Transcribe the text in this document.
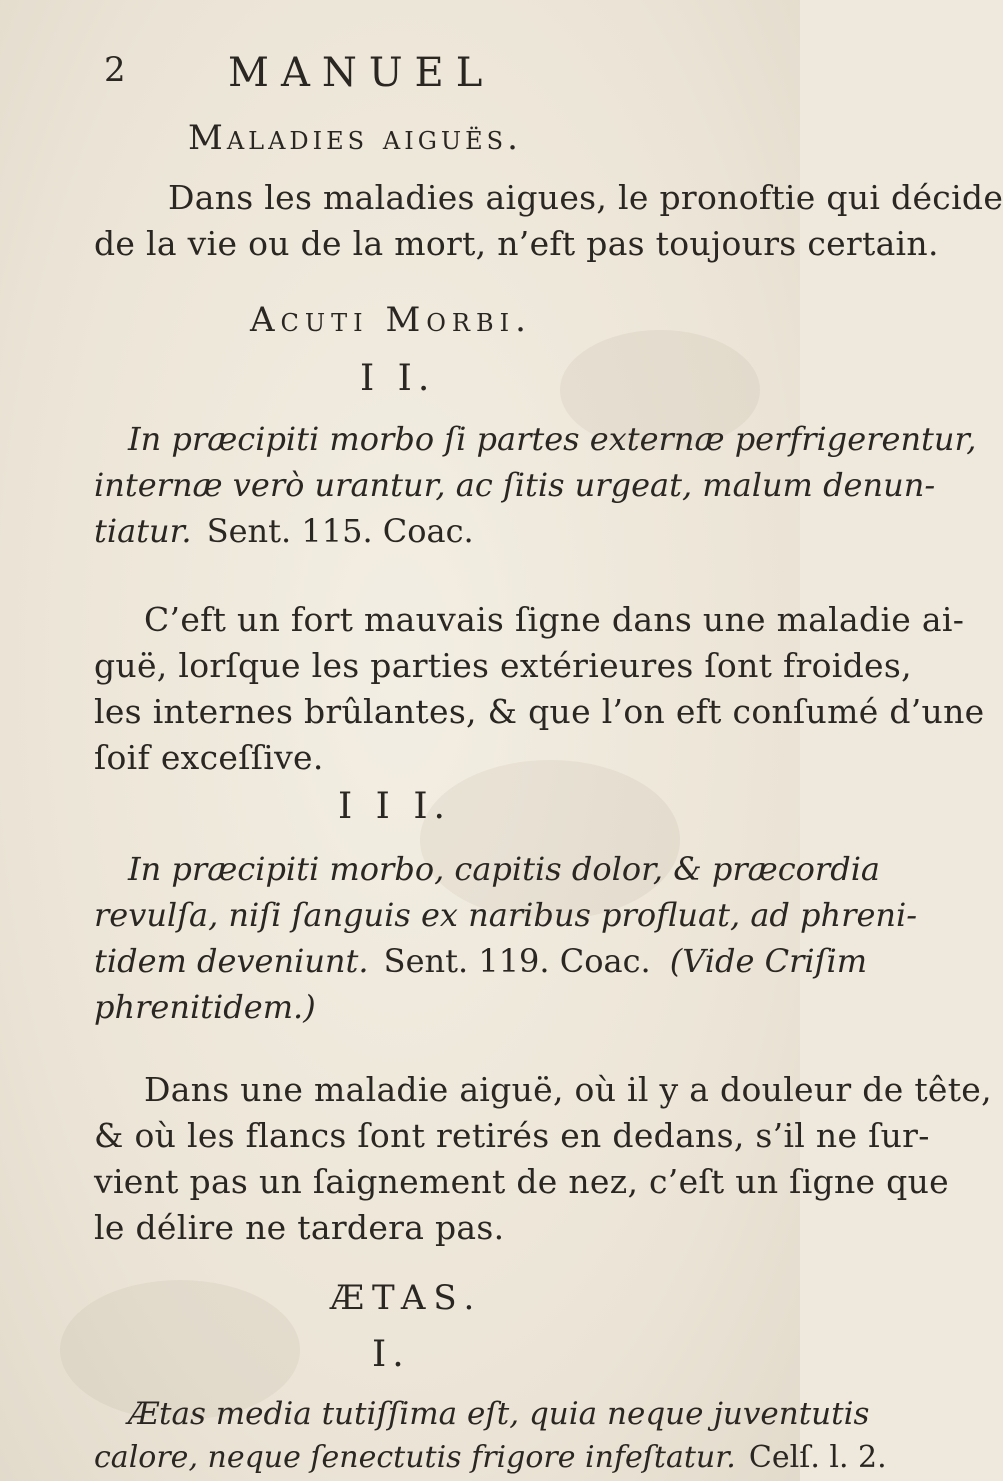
2	MANUEL
Maladies aiguës.
Dans les maladies aigues, le pronoftie qui décide
de la vie ou de la mort, n’eft pas toujours certain.
Acuti Morbi.
I I.
In præcipiti morbo ſi partes externæ perfrigerentur,
internæ verò urantur, ac ſitis urgeat, malum denun-
tiatur. Sent. 115. Coac.
C’eft un fort mauvais ſigne dans une maladie ai-
guë, lorſque les parties extérieures ſont froides,
les internes brûlantes, & que l’on eft conſumé d’une
ſoif exceſſive.
I I I.
In præcipiti morbo, capitis dolor, & præcordia
revulſa, niſi ſanguis ex naribus profluat, ad phreni-
tidem deveniunt. Sent. 119. Coac. (Vide Criſim
phrenitidem.)
Dans une maladie aiguë, où il y a douleur de tête,
& où les flancs ſont retirés en dedans, s’il ne ſur-
vient pas un ſaignement de nez, c’eſt un ſigne que
le délire ne tardera pas.
ÆTAS.
I.
Ætas media tutiſſima eſt, quia neque juventutis
calore, neque ſenectutis frigore infeſtatur. Celſ. l. 2.
